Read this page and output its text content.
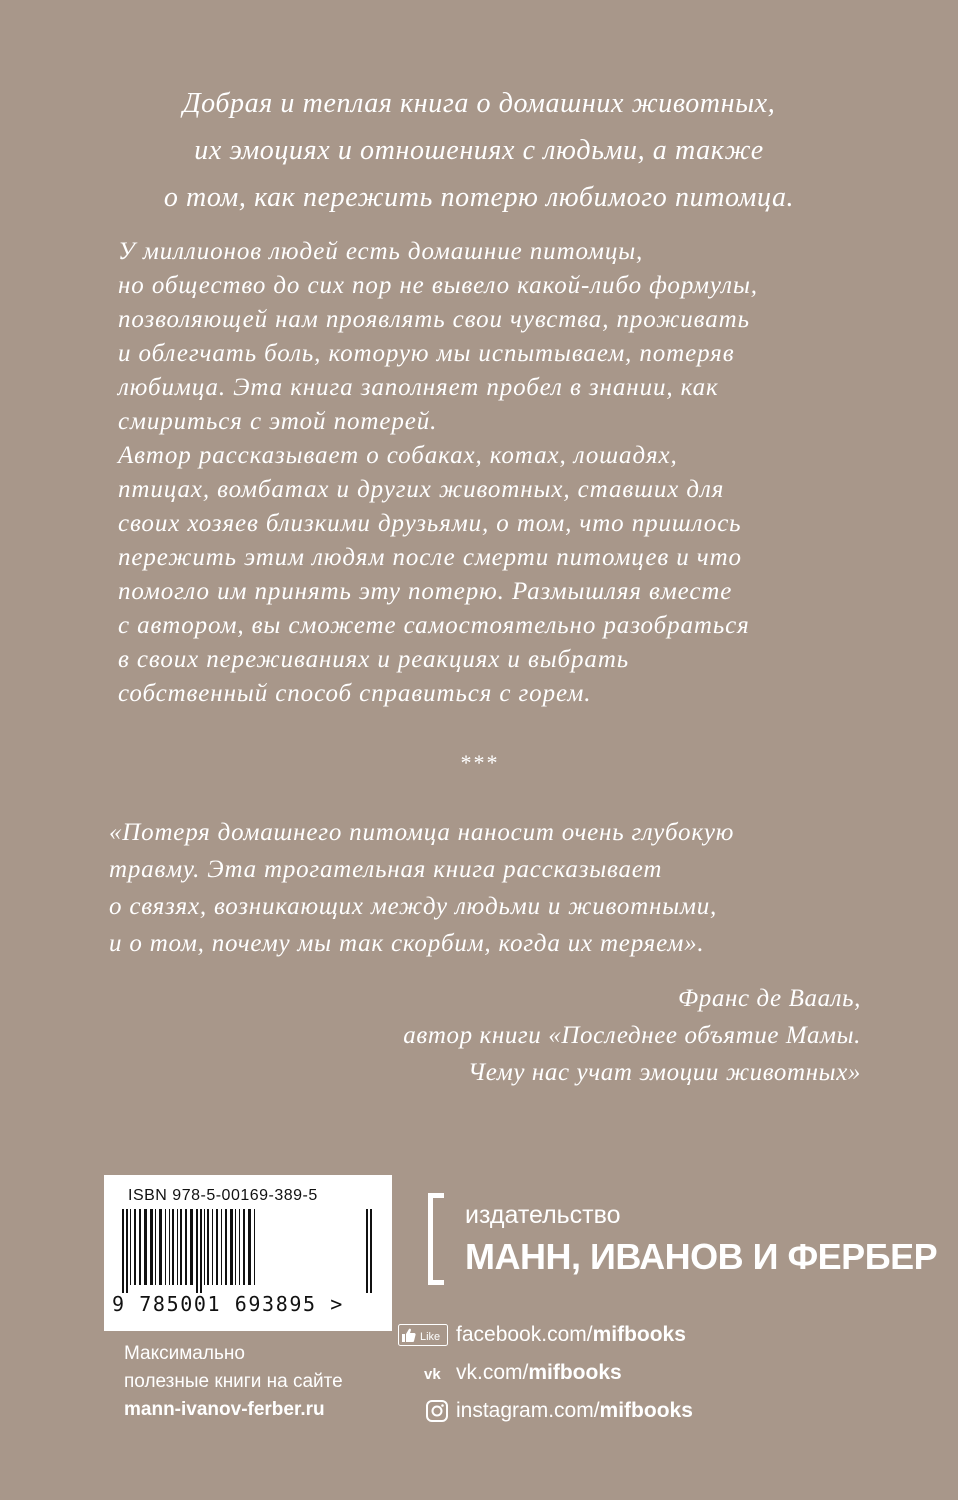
Добрая и теплая книга о домашних животных,
их эмоциях и отношениях с людьми, а также
о том, как пережить потерю любимого питомца.
У миллионов людей есть домашние питомцы,
но общество до сих пор не вывело какой-либо формулы,
позволяющей нам проявлять свои чувства, проживать
и облегчать боль, которую мы испытываем, потеряв
любимца. Эта книга заполняет пробел в знании, как
смириться с этой потерей.
Автор рассказывает о собаках, котах, лошадях,
птицах, вомбатах и других животных, ставших для
своих хозяев близкими друзьями, о том, что пришлось
пережить этим людям после смерти питомцев и что
помогло им принять эту потерю. Размышляя вместе
с автором, вы сможете самостоятельно разобраться
в своих переживаниях и реакциях и выбрать
собственный способ справиться с горем.
***
«Потеря домашнего питомца наносит очень глубокую
травму. Эта трогательная книга рассказывает
о связях, возникающих между людьми и животными,
и о том, почему мы так скорбим, когда их теряем».
Франс де Вааль,
автор книги «Последнее объятие Мамы.
Чему нас учат эмоции животных»
ISBN 978-5-00169-389-5
9 785001 693895 >
Максимально
полезные книги на сайте
mann-ivanov-ferber.ru
издательство
МАНН, ИВАНОВ И ФЕРБЕР
Like facebook.com/mifbooks
vk vk.com/mifbooks
instagram.com/mifbooks
